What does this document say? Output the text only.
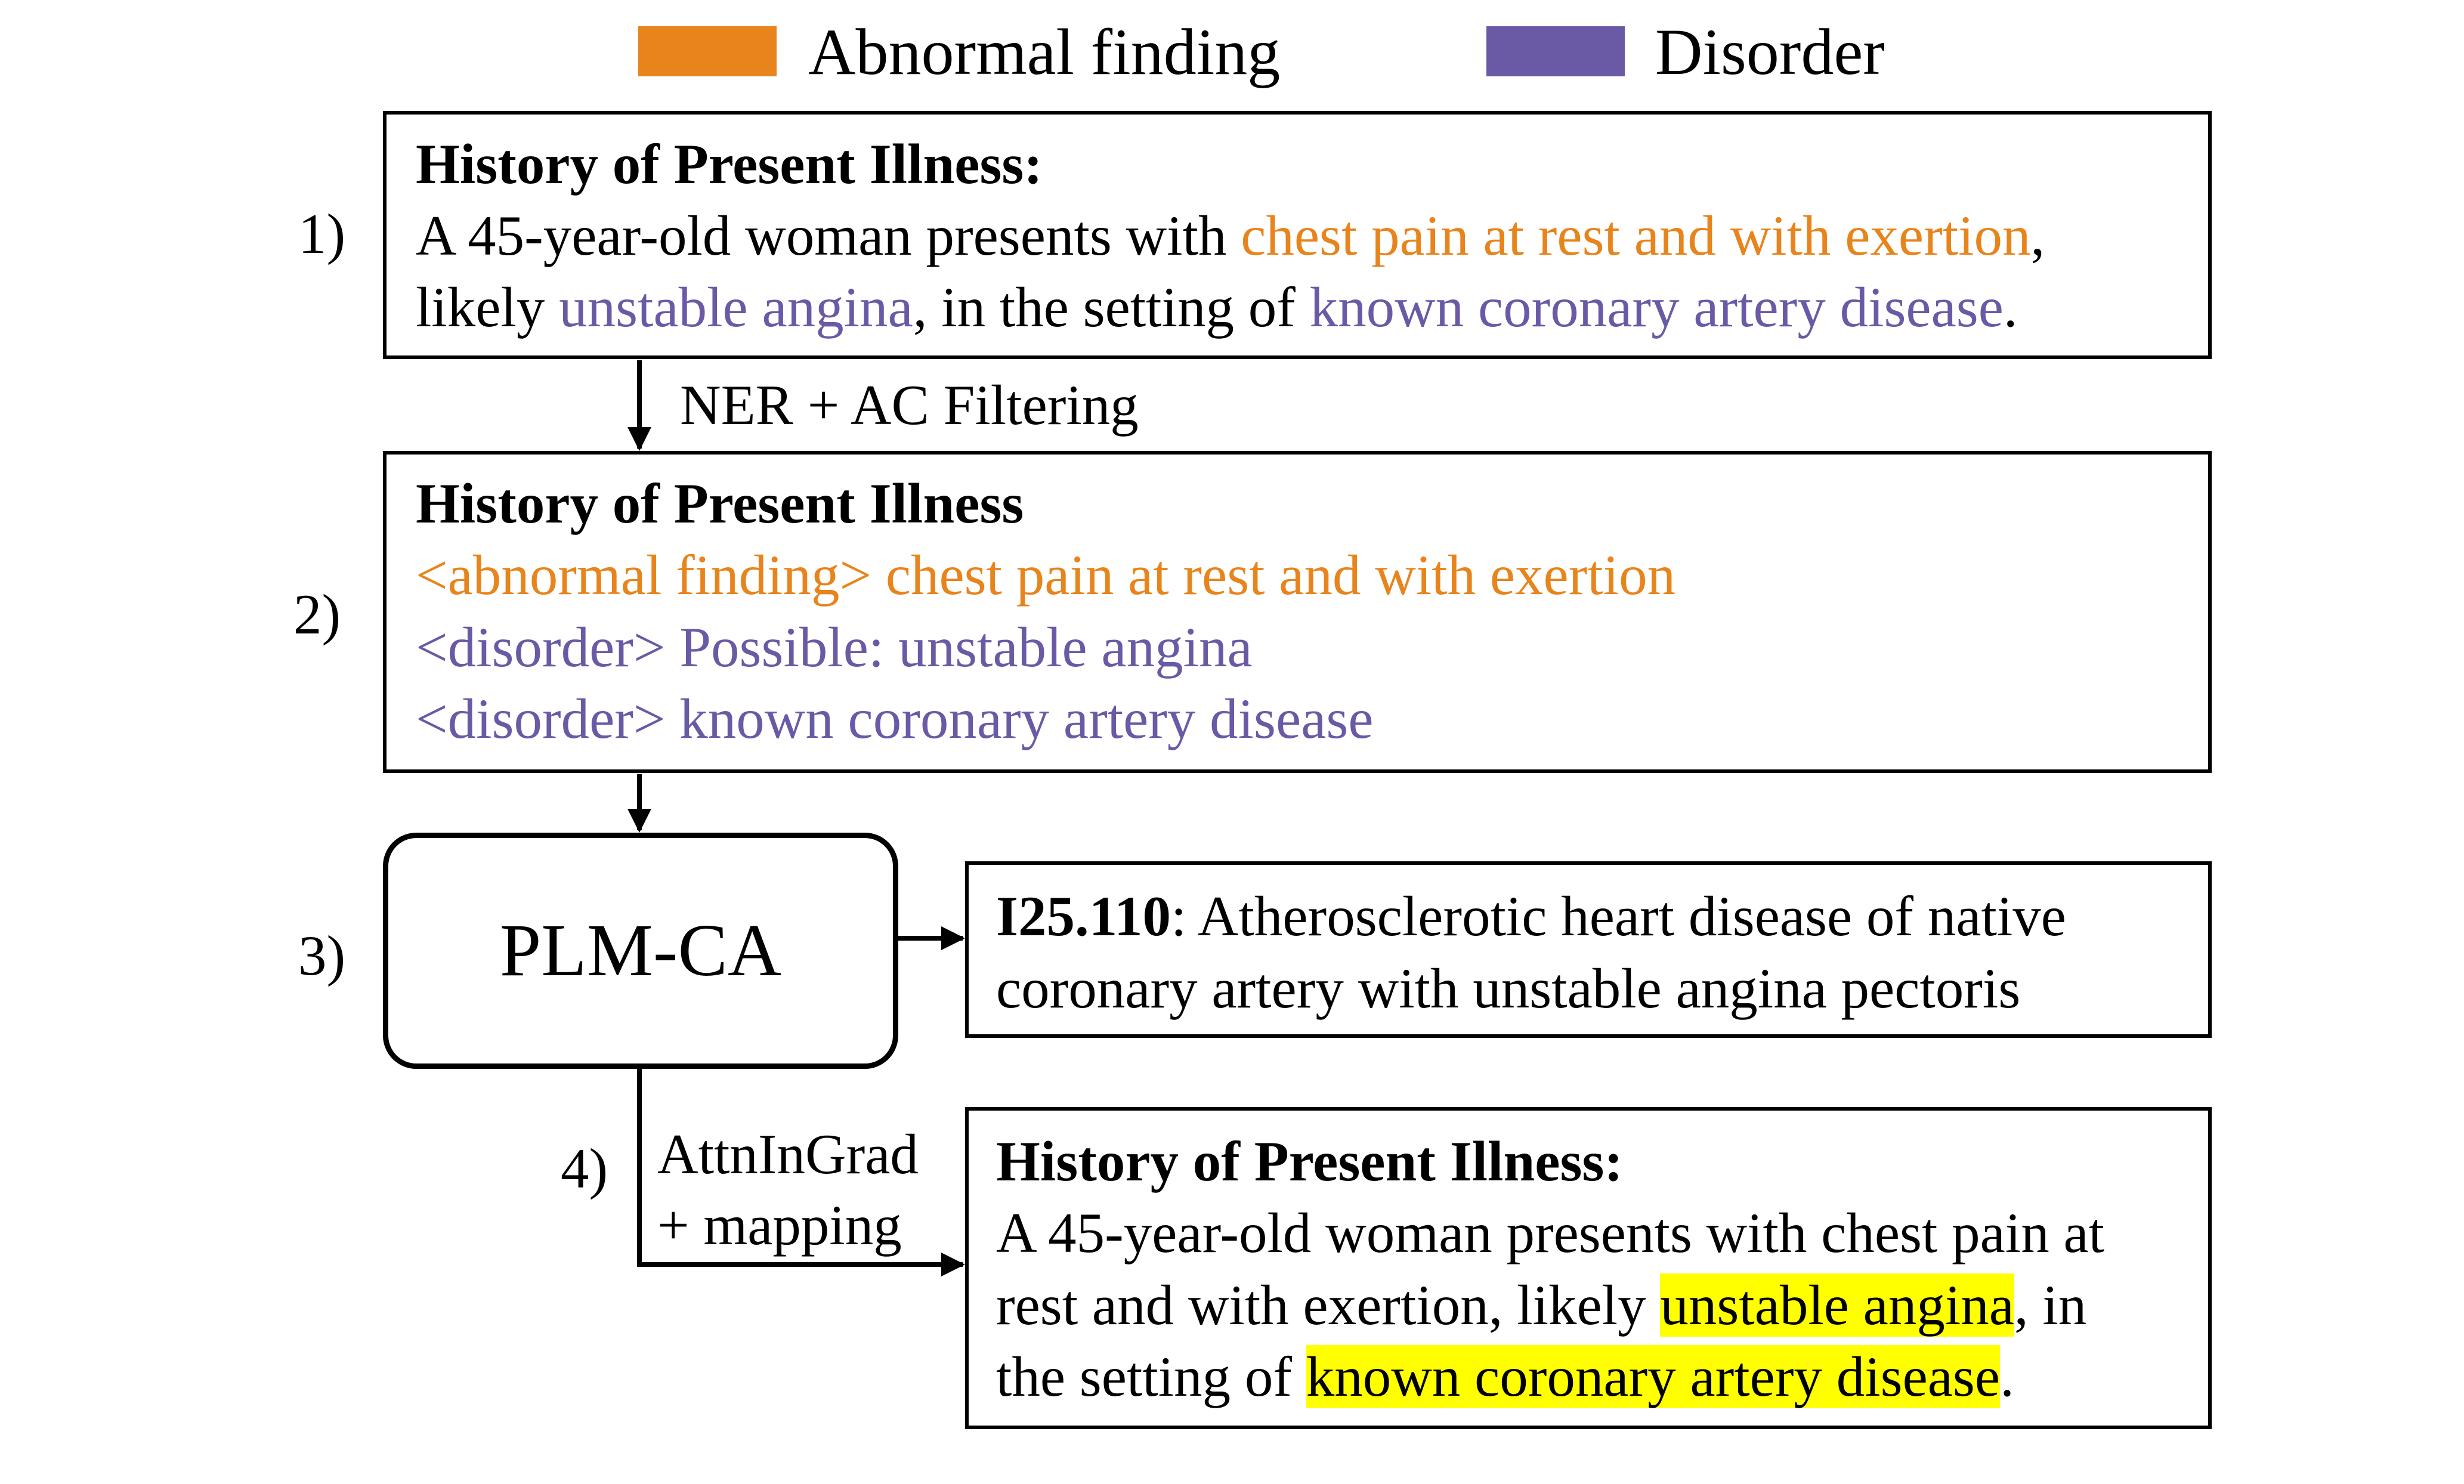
Abnormal finding	Disorder
1)
History of Present Illness:
A 45-year-old woman presents with chest pain at rest and with exertion,
likely unstable angina, in the setting of known coronary artery disease.
NER + AC Filtering
2)
History of Present Illness
<abnormal finding> chest pain at rest and with exertion
<disorder> Possible: unstable angina
<disorder> known coronary artery disease
3) PLM-CA	I25.110: Atherosclerotic heart disease of native
coronary artery with unstable angina pectoris
4) AttnInGrad
+ mapping
History of Present Illness:
A 45-year-old woman presents with chest pain at
rest and with exertion, likely unstable angina, in
the setting of known coronary artery disease.
